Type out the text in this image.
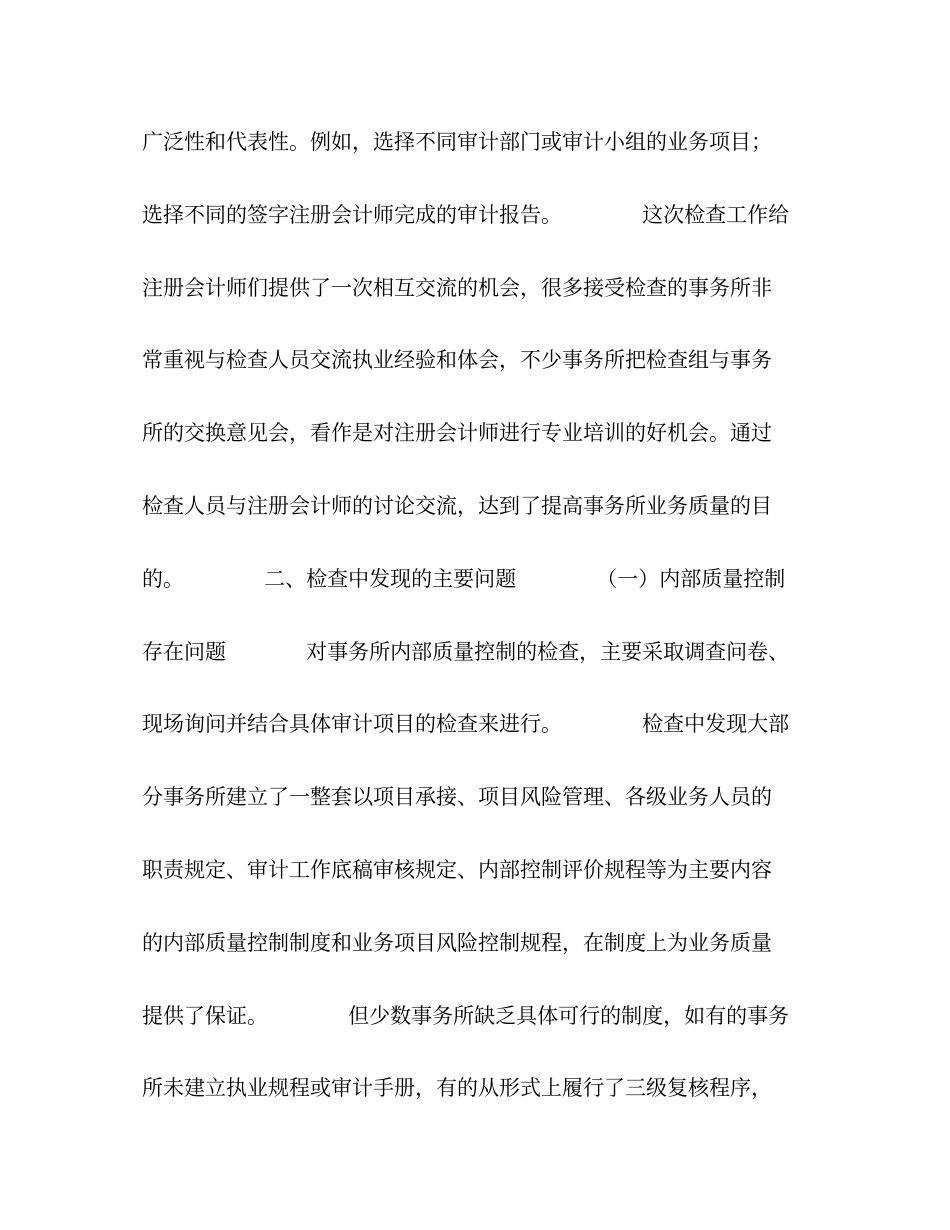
广泛性和代表性。例如，选择不同审计部门或审计小组的业务项目；
选择不同的签字注册会计师完成的审计报告。            这次检查工作给
注册会计师们提供了一次相互交流的机会，很多接受检查的事务所非
常重视与检查人员交流执业经验和体会，不少事务所把检查组与事务
所的交换意见会，看作是对注册会计师进行专业培训的好机会。通过
检查人员与注册会计师的讨论交流，达到了提高事务所业务质量的目
的。            二、检查中发现的主要问题            （一）内部质量控制
存在问题            对事务所内部质量控制的检查，主要采取调查问卷、
现场询问并结合具体审计项目的检查来进行。            检查中发现大部
分事务所建立了一整套以项目承接、项目风险管理、各级业务人员的
职责规定、审计工作底稿审核规定、内部控制评价规程等为主要内容
的内部质量控制制度和业务项目风险控制规程，在制度上为业务质量
提供了保证。            但少数事务所缺乏具体可行的制度，如有的事务
所未建立执业规程或审计手册，有的从形式上履行了三级复核程序，
